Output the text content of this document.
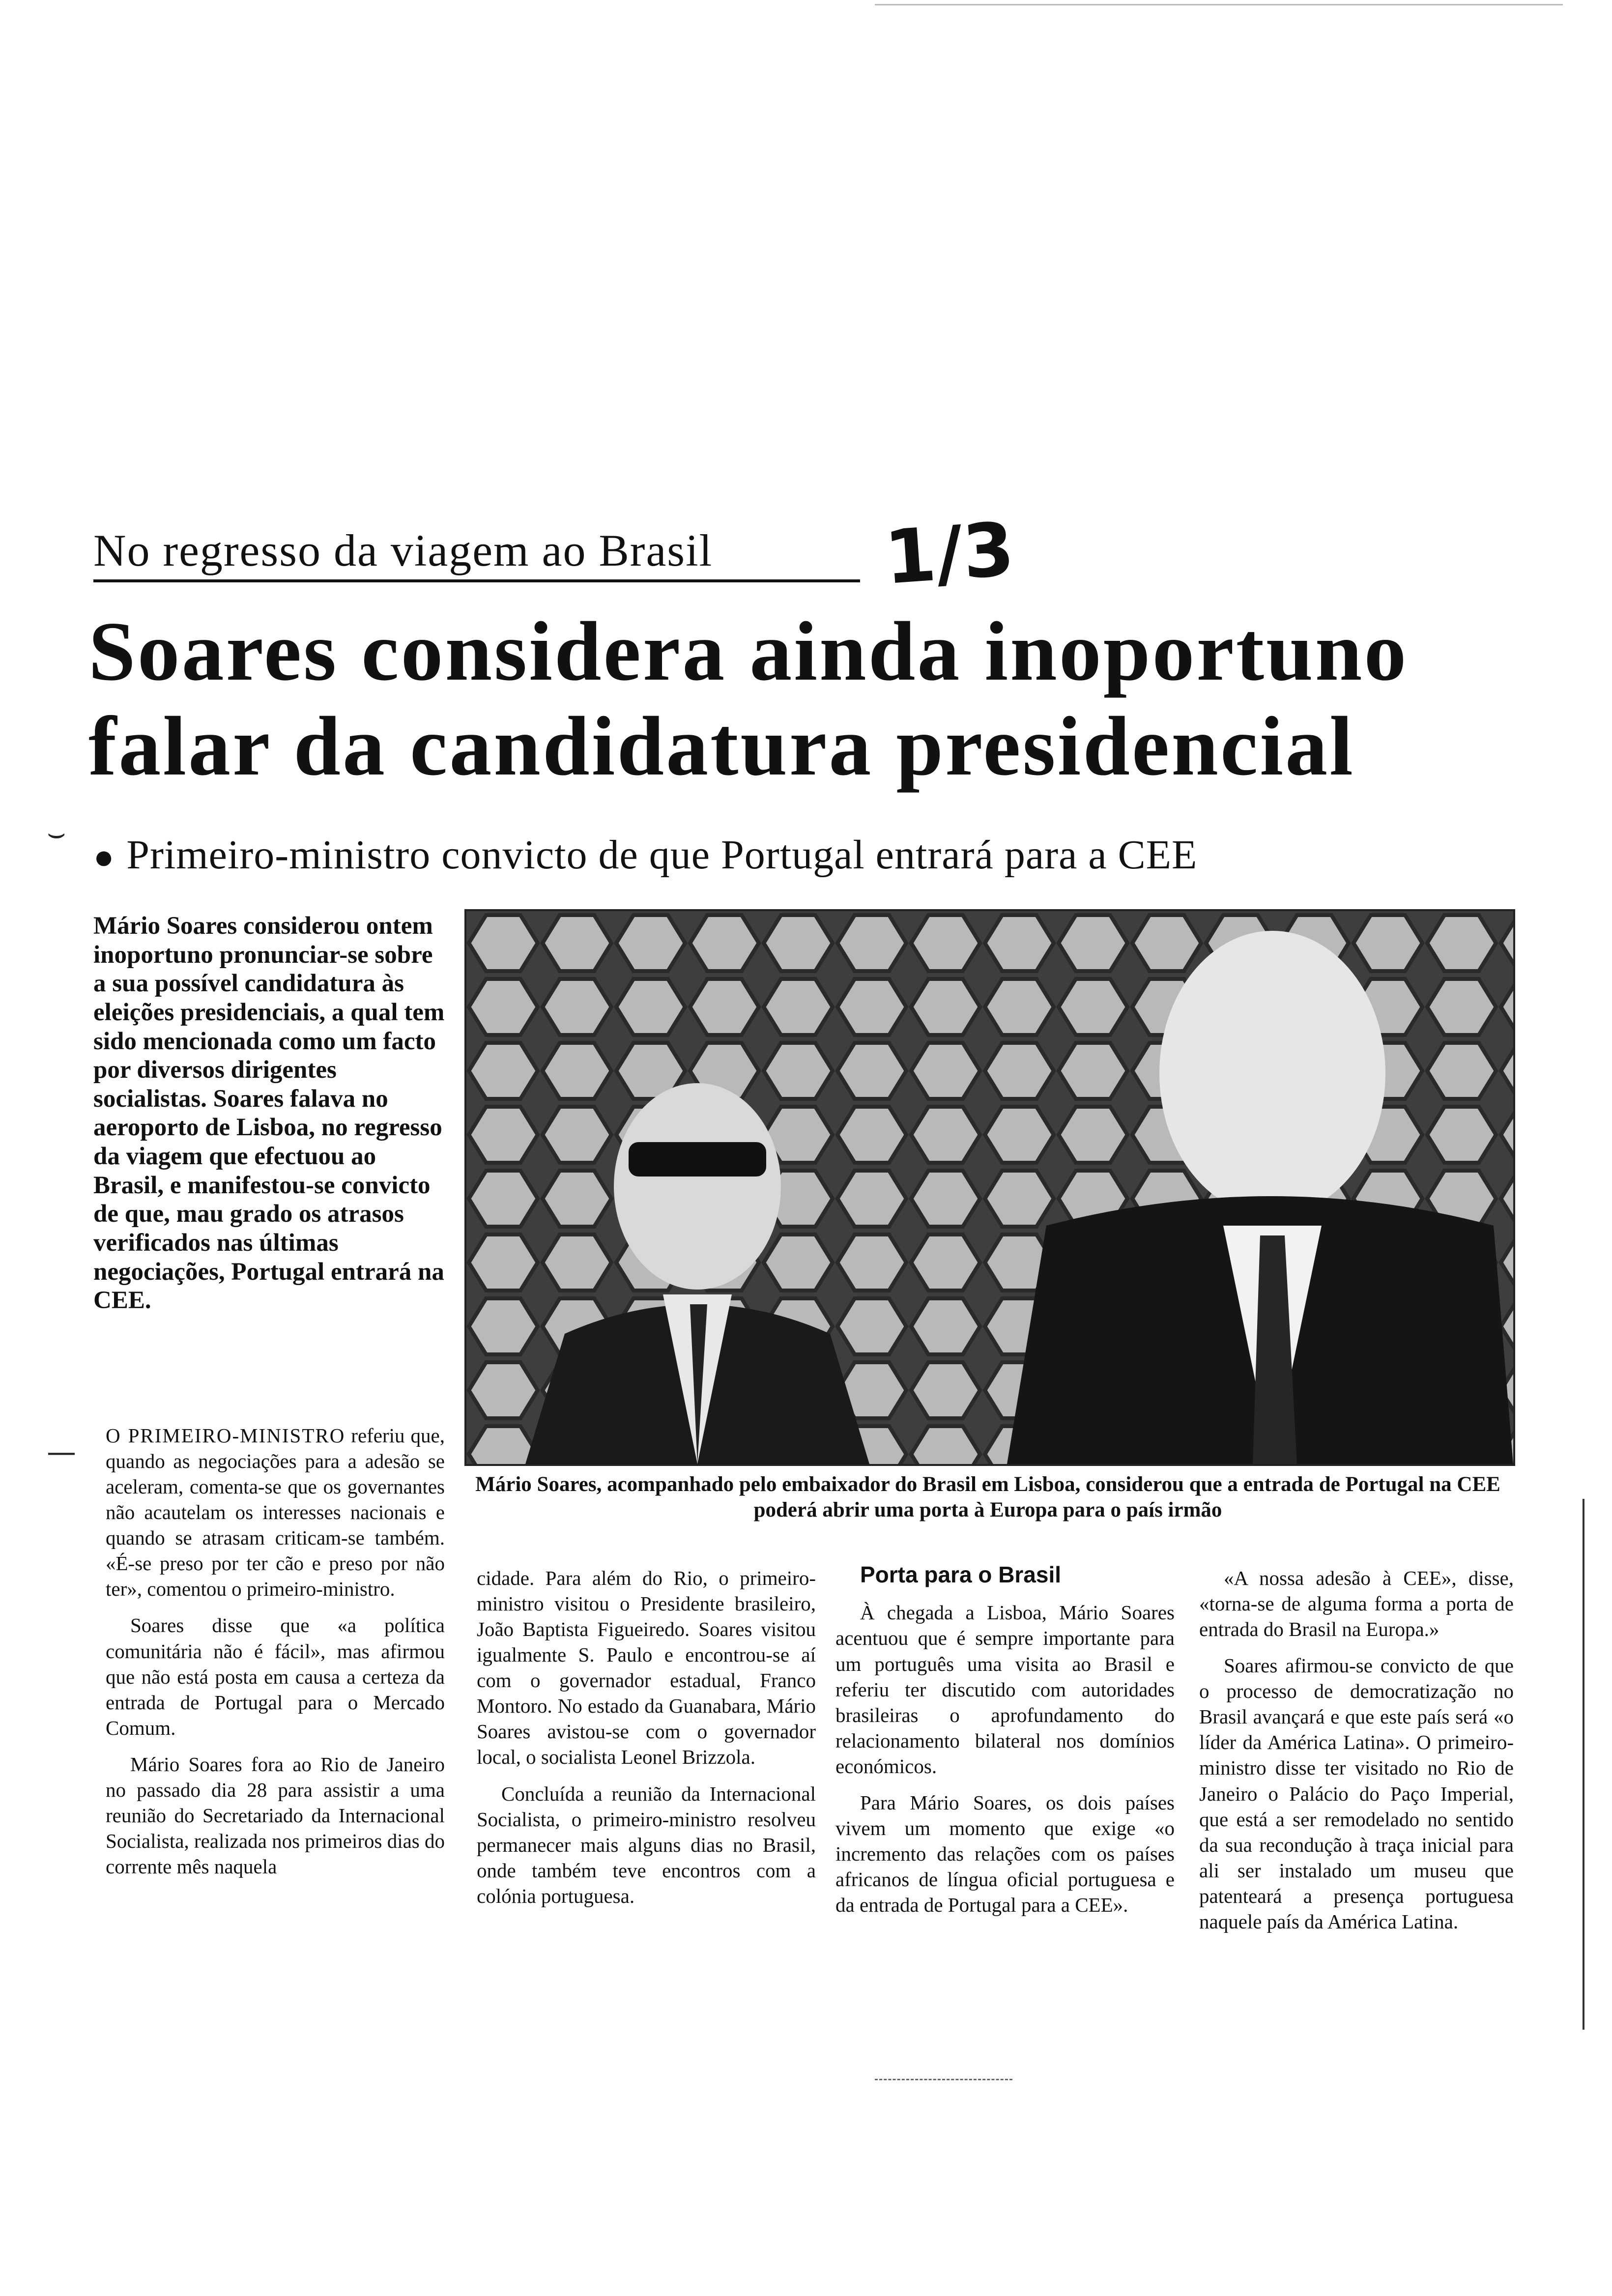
No regresso da viagem ao Brasil	1/3
Soares considera ainda inoportuno
falar da candidatura presidencial
⌣
● Primeiro-ministro convicto de que Portugal entrará para a CEE
Mário Soares considerou ontem inoportuno pronunciar-se sobre a sua possível candidatura às eleições presidenciais, a qual tem sido mencionada como um facto por diversos dirigentes socialistas. Soares falava no aeroporto de Lisboa, no regresso da viagem que efectuou ao Brasil, e manifestou-se convicto de que, mau grado os atrasos verificados nas últimas negociações, Portugal entrará na CEE.
Mário Soares, acompanhado pelo embaixador do Brasil em Lisboa, considerou que a entrada de Portugal na CEE poderá abrir uma porta à Europa para o país irmão

O PRIMEIRO-MINISTRO referiu que, quando as negociações para a adesão se aceleram, comenta-se que os governantes não acautelam os interesses nacionais e quando se atrasam criticam-se também. «É-se preso por ter cão e preso por não ter», comentou o primeiro-ministro.

Soares disse que «a política comunitária não é fácil», mas afirmou que não está posta em causa a certeza da entrada de Portugal para o Mercado Comum.

Mário Soares fora ao Rio de Janeiro no passado dia 28 para assistir a uma reunião do Secretariado da Internacional Socialista, realizada nos primeiros dias do corrente mês naquela

cidade. Para além do Rio, o primeiro-ministro visitou o Presidente brasileiro, João Baptista Figueiredo. Soares visitou igualmente S. Paulo e encontrou-se aí com o governador estadual, Franco Montoro. No estado da Guanabara, Mário Soares avistou-se com o governador local, o socialista Leonel Brizzola.

Concluída a reunião da Internacional Socialista, o primeiro-ministro resolveu permanecer mais alguns dias no Brasil, onde também teve encontros com a colónia portuguesa.

Porta para o Brasil

À chegada a Lisboa, Mário Soares acentuou que é sempre importante para um português uma visita ao Brasil e referiu ter discutido com autoridades brasileiras o aprofundamento do relacionamento bilateral nos domínios económicos.

Para Mário Soares, os dois países vivem um momento que exige «o incremento das relações com os países africanos de língua oficial portuguesa e da entrada de Portugal para a CEE».

«A nossa adesão à CEE», disse, «torna-se de alguma forma a porta de entrada do Brasil na Europa.»

Soares afirmou-se convicto de que o processo de democratização no Brasil avançará e que este país será «o líder da América Latina». O primeiro-ministro disse ter visitado no Rio de Janeiro o Palácio do Paço Imperial, que está a ser remodelado no sentido da sua recondução à traça inicial para ali ser instalado um museu que patenteará a presença portuguesa naquele país da América Latina.

—
